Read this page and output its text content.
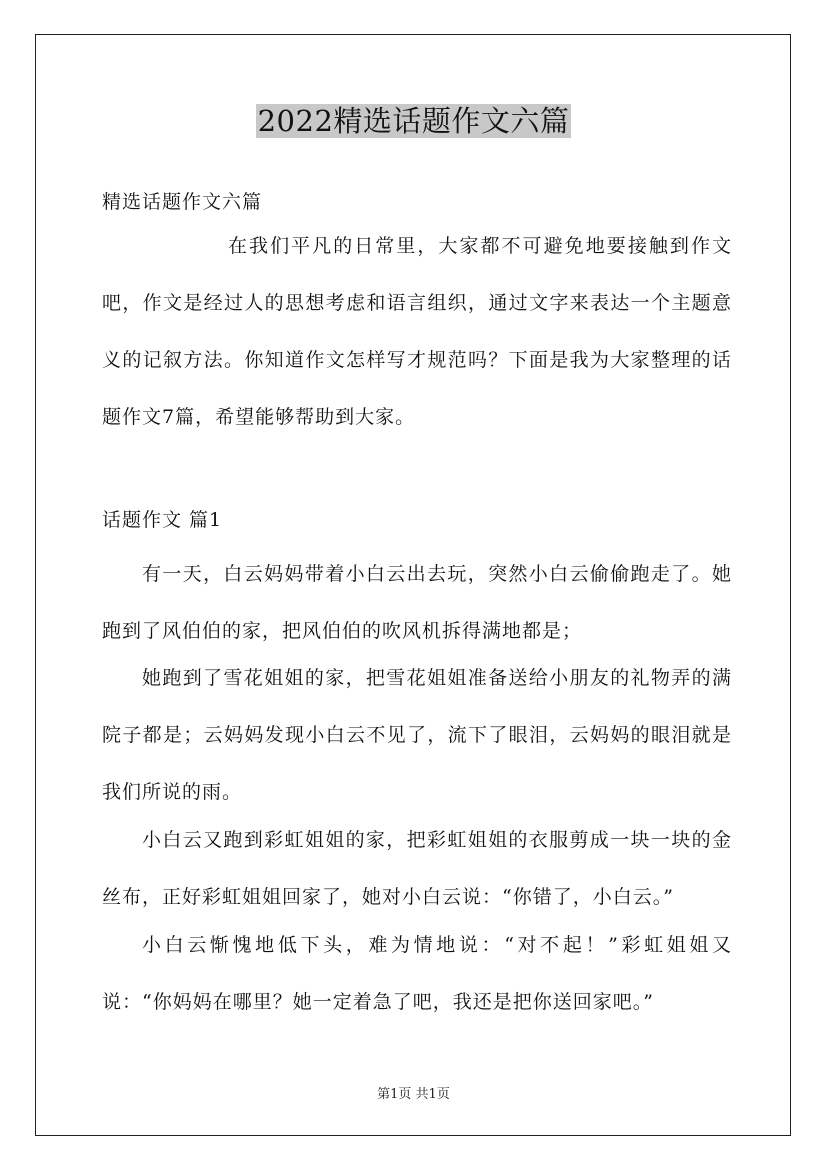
2022精选话题作文六篇

精选话题作文六篇

在我们平凡的日常里，大家都不可避免地要接触到作文吧，作文是经过人的思想考虑和语言组织，通过文字来表达一个主题意义的记叙方法。你知道作文怎样写才规范吗？下面是我为大家整理的话题作文7篇，希望能够帮助到大家。

话题作文 篇1

有一天，白云妈妈带着小白云出去玩，突然小白云偷偷跑走了。她跑到了风伯伯的家，把风伯伯的吹风机拆得满地都是；

她跑到了雪花姐姐的家，把雪花姐姐准备送给小朋友的礼物弄的满院子都是；云妈妈发现小白云不见了，流下了眼泪，云妈妈的眼泪就是我们所说的雨。

小白云又跑到彩虹姐姐的家，把彩虹姐姐的衣服剪成一块一块的金丝布，正好彩虹姐姐回家了，她对小白云说：“你错了，小白云。”

小白云惭愧地低下头，难为情地说：“对不起！”彩虹姐姐又说：“你妈妈在哪里？她一定着急了吧，我还是把你送回家吧。”

第1页 共1页
